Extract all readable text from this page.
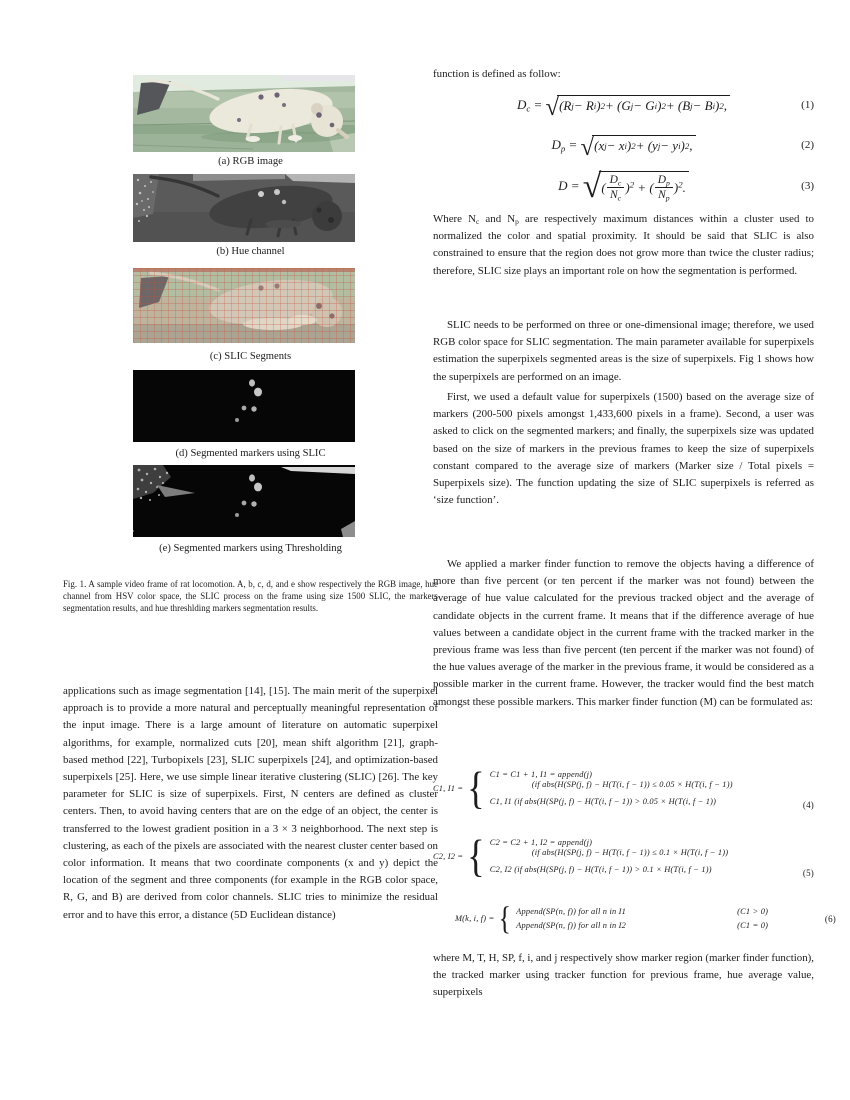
(a) RGB image
(b) Hue channel
(c) SLIC Segments
(d) Segmented markers using SLIC
(e) Segmented markers using Thresholding
Fig. 1. A sample video frame of rat locomotion. A, b, c, d, and e show respectively the RGB image, hue channel from HSV color space, the SLIC process on the frame using size 1500 SLIC, the markers segmentation results, and hue threshlding markers segmentation results.
applications such as image segmentation [14], [15]. The main merit of the superpixel approach is to provide a more natural and perceptually meaningful representation of the input image. There is a large amount of literature on automatic superpixel algorithms, for example, normalized cuts [20], mean shift algorithm [21], graph-based method [22], Turbopixels [23], SLIC superpixels [24], and optimization-based superpixels [25]. Here, we use simple linear iterative clustering (SLIC) [26]. The key parameter for SLIC is size of superpixels. First, N centers are defined as cluster centers. Then, to avoid having centers that are on the edge of an object, the center is transferred to the lowest gradient position in a 3 × 3 neighborhood. The next step is clustering, as each of the pixels are associated with the nearest cluster center based on color information. It means that two coordinate components (x and y) depict the location of the segment and three components (for example in the RGB color space, R, G, and B) are derived from color channels. SLIC tries to minimize the residual error and to have this error, a distance (5D Euclidean distance)
function is defined as follow:
$D_c$ =
√ (R j − R i ) 2 + (G j − G i ) 2 + (B j − B i ) 2 ,	(1)
$D_p$ =
√ (x j − x i ) 2 + (y j − y i ) 2 ,	(2)
D =
√ ( $\frac{D_c}{N_c} )^2$ + ( $\frac{D_p}{N_p} )^2$.	(3)
Where $N_c$ and $N_p$ are respectively maximum distances within a cluster used to normalized the color and spatial proximity. It should be said that SLIC is also constrained to ensure that the region does not grow more than twice the cluster radius; therefore, SLIC size plays an important role on how the segmentation is performed.
SLIC needs to be performed on three or one-dimensional image; therefore, we used RGB color space for SLIC segmentation. The main parameter available for superpixels estimation the superpixels segmented areas is the size of superpixels. Fig 1 shows how the superpixels are performed on an image.
First, we used a default value for superpixels (1500) based on the average size of markers (200-500 pixels amongst 1,433,600 pixels in a frame). Second, a user was asked to click on the segmented markers; and finally, the superpixels size was updated based on the size of markers in the previous frames to keep the size of superpixels constant compared to the average size of markers (Marker size / Total pixels = Superpixels size). The function updating the size of SLIC superpixels is referred as ‘size function’.
We applied a marker finder function to remove the objects having a difference of more than five percent (or ten percent if the marker was not found) between the average of hue value calculated for the previous tracked object and the average of candidate objects in the current frame. It means that if the difference average of hue values between a candidate object in the current frame with the tracked marker in the previous frame was less than five percent (ten percent if the marker was not found) of the hue values average of the marker in the previous frame, it would be considered as a possible marker in the current frame. However, the tracker would find the best match amongst these possible markers. This marker finder function (M) can be formulated as:
C1, I1 = { C1 = C1 + 1, I1 = append(j)
(if abs(H(SP(j, f) − H(T(i, f − 1)) ≤ 0.05 × H(T(i, f − 1))
C1, I1 (if abs(H(SP(j, f) − H(T(i, f − 1)) > 0.05 × H(T(i, f − 1))	(4)
C2, I2 = { C2 = C2 + 1, I2 = append(j)
(if abs(H(SP(j, f) − H(T(i, f − 1)) ≤ 0.1 × H(T(i, f − 1))
C2, I2 (if abs(H(SP(j, f) − H(T(i, f − 1)) > 0.1 × H(T(i, f − 1))	(5)
M(k, i, f) = { Append(SP(n, f)) for all n in I1	(C1 > 0)
Append(SP(n, f)) for all n in I2	(C1 = 0)
(6)
where M, T, H, SP, f, i, and j respectively show marker region (marker finder function), the tracked marker using tracker function for previous frame, hue average value, superpixels
